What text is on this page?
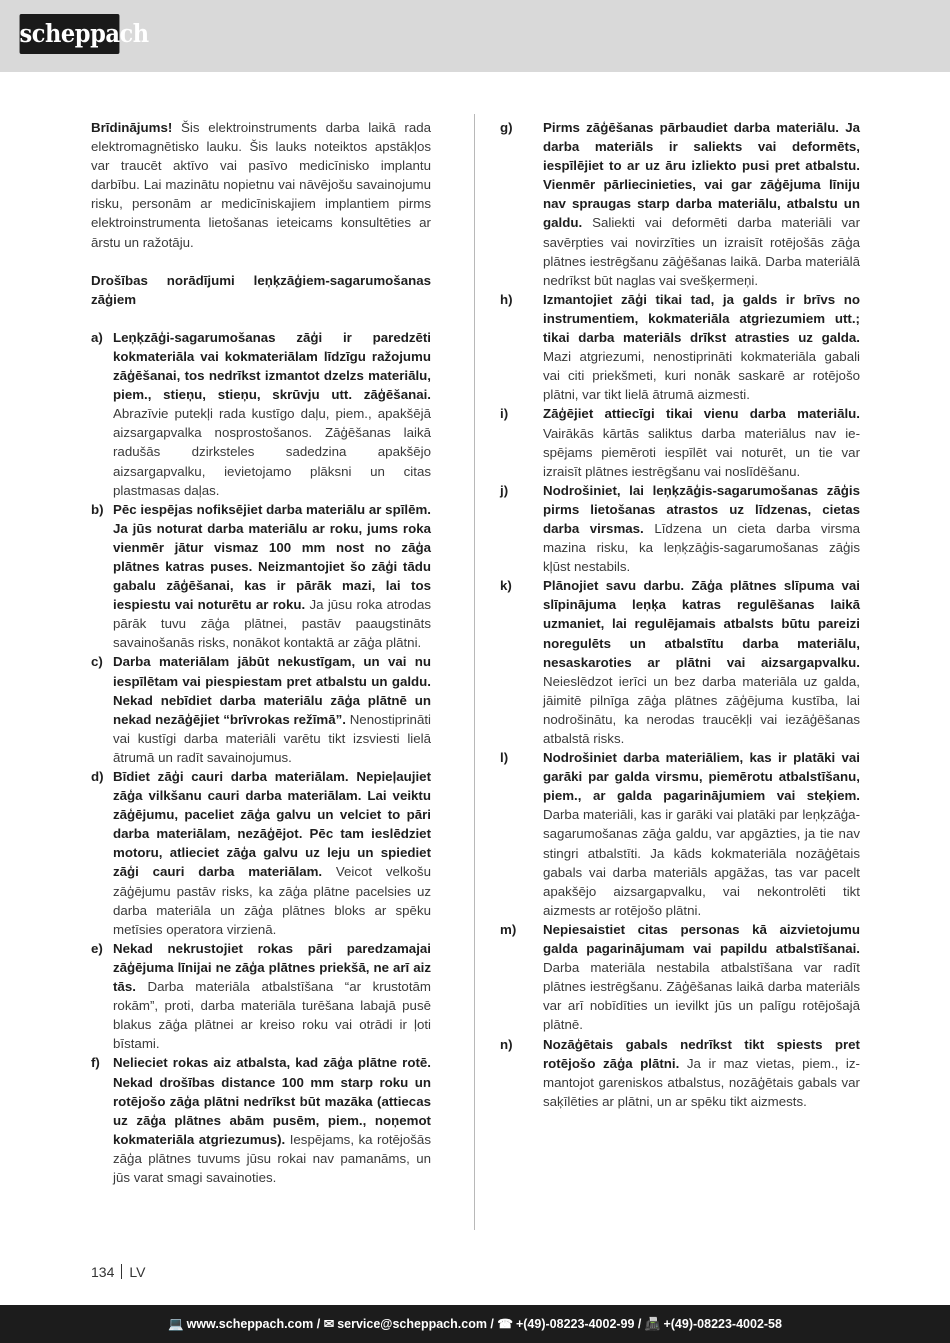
scheppach

Brīdinājums! Šis elektroinstruments darba laikā rada elektromagnētisko lauku. Šis lauks noteiktos apstākļos var traucēt aktīvo vai pasīvo medicīnisko implantu darbību. Lai mazinātu nopietnu vai nāvējošu savainojumu risku, personām ar medicīniskajiem implantiem pirms elektroinstrumenta lietošanas ieteicams konsultēties ar ārstu un ražotāju.

Drošības norādījumi leņķzāģiem-sagarumošanas zāģiem

a) Leņķzāģi-sagarumošanas zāģi ir paredzēti kokmateriāla vai kokmateriālam līdzīgu ražojumu zāģēšanai, tos nedrīkst izmantot dzelzs materiālu, piem., stieņu, stieņu, skrūvju utt. zāģēšanai. Abrazīvie putekļi rada kustīgo daļu, piem., apakšējā aizsargapvalka nosprostošanos. Zāģēšanas laikā radušās dzirksteles sadedzina apakšējo aizsargapvalku, ievietojamo plāksni un citas plastmasas daļas.

b) Pēc iespējas nofiksējiet darba materiālu ar spīlēm. Ja jūs noturat darba materiālu ar roku, jums roka vienmēr jātur vismaz 100 mm nost no zāģa plātnes katras puses. Neizmantojiet šo zāģi tādu gabalu zāģēšanai, kas ir pārāk mazi, lai tos iespiestu vai noturētu ar roku. Ja jūsu roka atrodas pārāk tuvu zāģa plātnei, pastāv paaugstināts savainošanās risks, nonākot kontaktā ar zāģa plātni.

c) Darba materiālam jābūt nekustīgam, un vai nu iespīlētam vai piespiestam pret atbalstu un galdu. Nekad nebīdiet darba materiālu zāģa plātnē un nekad nezāģējiet “brīvrokas režīmā”. Nenostiprināti vai kustīgi darba materiāli varētu tikt izsviesti lielā ātrumā un radīt savainojumus.

d) Bīdiet zāģi cauri darba materiālam. Nepieļaujiet zāģa vilkšanu cauri darba materiālam. Lai veiktu zāģējumu, paceliet zāģa galvu un velciet to pāri darba materiālam, nezāģējot. Pēc tam ieslēdziet motoru, atlieciet zāģa galvu uz leju un spiediet zāģi cauri darba materiālam. Veicot velkošu zāģējumu pastāv risks, ka zāģa plātne pacelsies uz darba materiāla un zāģa plātnes bloks ar spēku metīsies operatora virzienā.

e) Nekad nekrustojiet rokas pāri paredzamajai zāģējuma līnijai ne zāģa plātnes priekšā, ne arī aiz tās. Darba materiāla atbalstīšana “ar krustotām rokām”, proti, darba materiāla turēšana labajā pusē blakus zāģa plātnei ar kreiso roku vai otrādi ir ļoti bīstami.

f) Nelieciet rokas aiz atbalsta, kad zāģa plātne rotē. Nekad drošības distance 100 mm starp roku un rotējošo zāģa plātni nedrīkst būt mazāka (attiecas uz zāģa plātnes abām pusēm, piem., noņemot kokmateriāla atgriezumus). Iespējams, ka rotējošās zāģa plātnes tuvums jūsu rokai nav pamanāms, un jūs varat smagi savainoties.

g) Pirms zāģēšanas pārbaudiet darba materiālu. Ja darba materiāls ir saliekts vai deformēts, iespīlējiet to ar uz āru izliekto pusi pret atbalstu. Vienmēr pārliecinieties, vai gar zāģējuma līniju nav spraugas starp darba materiālu, atbalstu un galdu. Saliekti vai deformēti darba materiāli var savērpties vai novirzīties un izraisīt rotējošās zāģa plātnes iestrēgšanu zāģēšanas laikā. Darba materiālā nedrīkst būt naglas vai svešķermeņi.

h) Izmantojiet zāģi tikai tad, ja galds ir brīvs no instrumentiem, kokmateriāla atgriezumiem utt.; tikai darba materiāls drīkst atrasties uz galda. Mazi atgriezumi, nenostiprināti kokmateriāla gabali vai citi priekšmeti, kuri nonāk saskarē ar rotējošo plātni, var tikt lielā ātrumā aizmesti.

i)	Zāģējiet attiecīgi tikai vienu darba materiālu. Vairākās kārtās saliktus darba materiālus nav iespējams piemēroti iespīlēt vai noturēt, un tie var izraisīt plātnes iestrēgšanu vai noslīdēšanu.

j)	Nodrošiniet, lai leņķzāģis-sagarumošanas zāģis pirms lietošanas atrastos uz līdzenas, cietas darba virsmas. Līdzena un cieta darba virsma mazina risku, ka leņķzāģis-sagarumošanas zāģis kļūst nestabils.

k) Plānojiet savu darbu. Zāģa plātnes slīpuma vai slīpinājuma leņķa katras regulēšanas laikā uzmaniet, lai regulējamais atbalsts būtu pareizi noregulēts un atbalstītu darba materiālu, nesaskaroties ar plātni vai aizsargapvalku. Neieslēdzot ierīci un bez darba materiāla uz galda, jāimitē pilnīga zāģa plātnes zāģējuma kustība, lai nodrošinātu, ka nerodas traucēkļi vai iezāģēšanas atbalstā risks.

l)	Nodrošiniet darba materiāliem, kas ir platāki vai garāki par galda virsmu, piemērotu atbalstīšanu, piem., ar galda pagarinājumiem vai steķiem. Darba materiāli, kas ir garāki vai platāki par leņķzāģa-sagarumošanas zāģa galdu, var apgāzties, ja tie nav stingri atbalstīti. Ja kāds kokmateriāla nozāģētais gabals vai darba materiāls apgāžas, tas var pacelt apakšējo aizsargapvalku, vai nekontrolēti tikt aizmests ar rotējošo plātni.

m) Nepiesaistiet citas personas kā aizvietojumu galda pagarinājumam vai papildu atbalstīšanai. Darba materiāla nestabila atbalstīšana var radīt plātnes iestrēgšanu. Zāģēšanas laikā darba materiāls var arī nobīdīties un ievilkt jūs un palīgu rotējošajā plātnē.

n) Nozāģētais gabals nedrīkst tikt spiests pret rotējošo zāģa plātni. Ja ir maz vietas, piem., izmantojot gareniskos atbalstus, nozāģētais gabals var saķīlēties ar plātni, un ar spēku tikt aizmests.

134 LV
💻 www.scheppach.com / ✉ service@scheppach.com / ☎ +(49)-08223-4002-99 / 📠 +(49)-08223-4002-58
